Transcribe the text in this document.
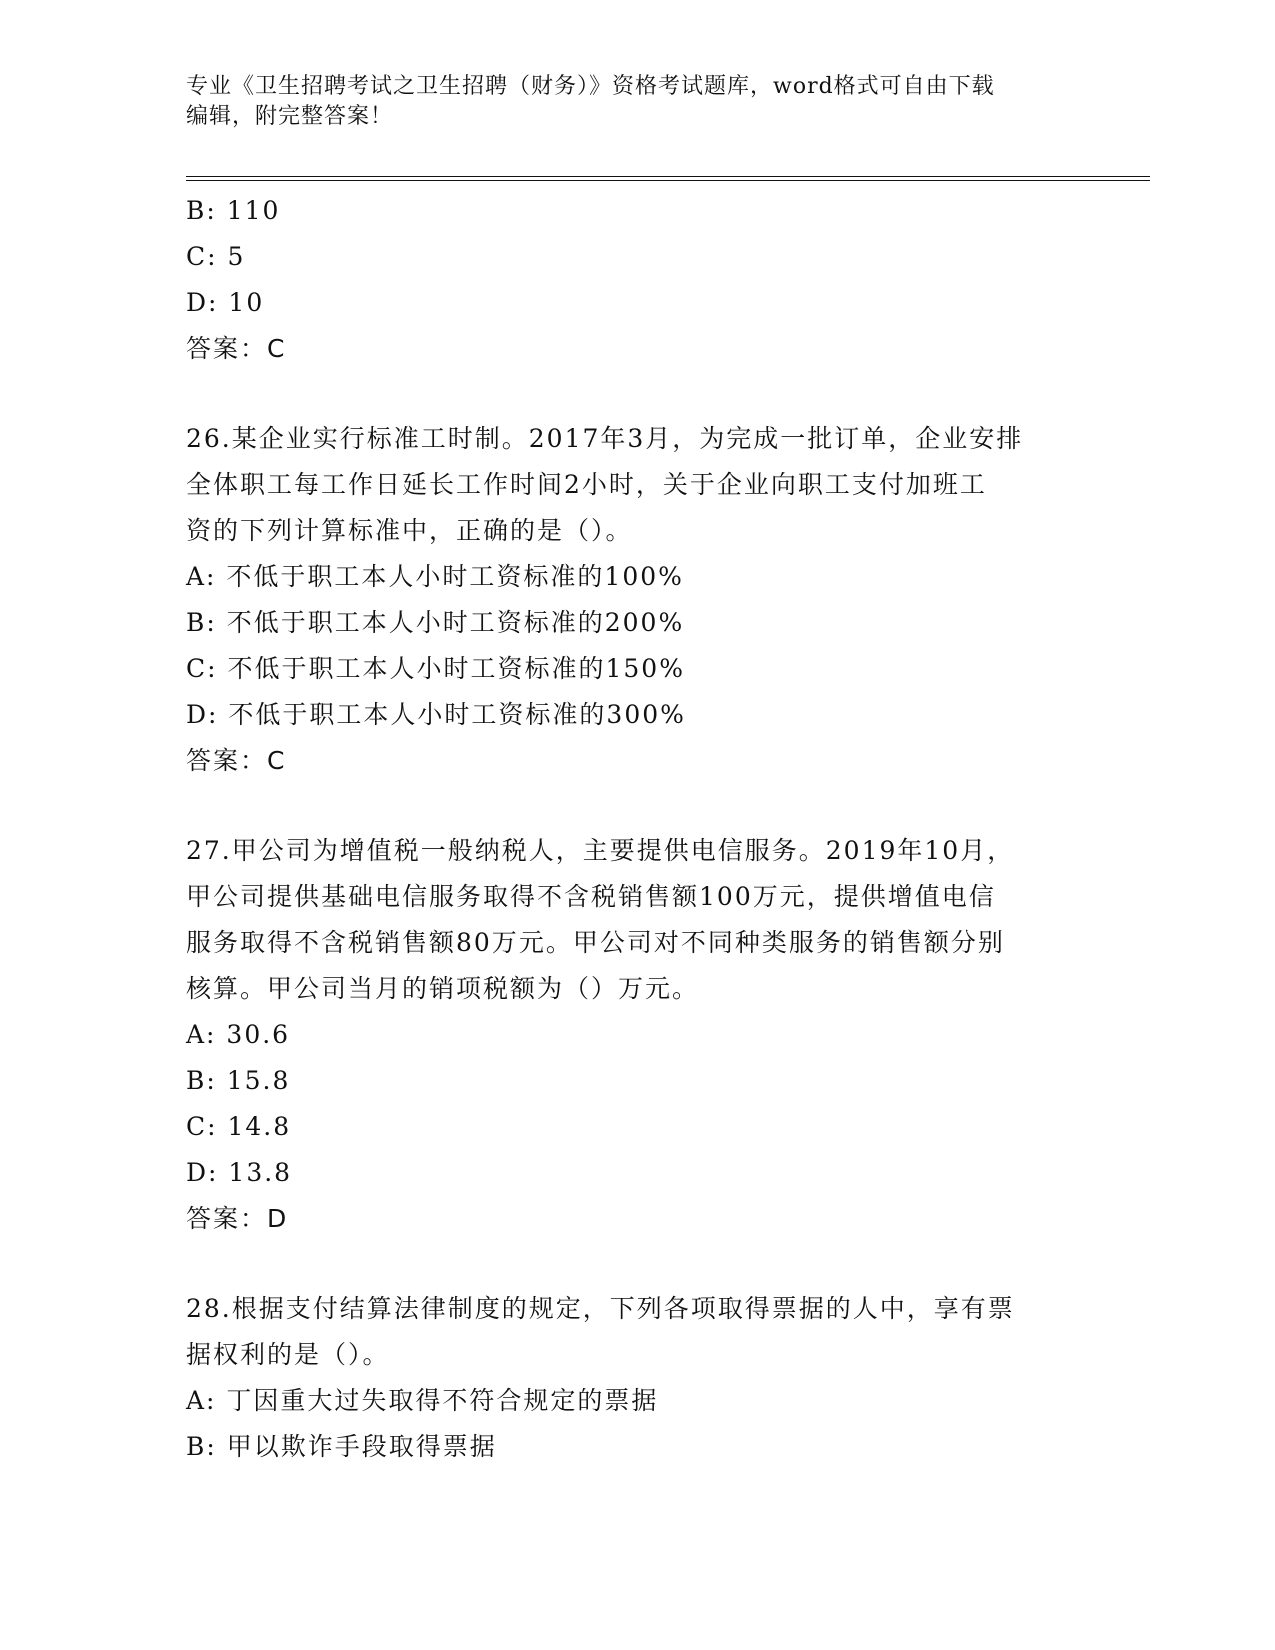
专业《卫生招聘考试之卫生招聘（财务）》资格考试题库，word格式可自由下载
编辑，附完整答案！
B: 110
C: 5
D: 10
答案：C
26.某企业实行标准工时制。2017年3月，为完成一批订单，企业安排
全体职工每工作日延长工作时间2小时，关于企业向职工支付加班工
资的下列计算标准中，正确的是（）。
A: 不低于职工本人小时工资标准的100%
B: 不低于职工本人小时工资标准的200%
C: 不低于职工本人小时工资标准的150%
D: 不低于职工本人小时工资标准的300%
答案：C
27.甲公司为增值税一般纳税人，主要提供电信服务。2019年10月，
甲公司提供基础电信服务取得不含税销售额100万元，提供增值电信
服务取得不含税销售额80万元。甲公司对不同种类服务的销售额分别
核算。甲公司当月的销项税额为（）万元。
A: 30.6
B: 15.8
C: 14.8
D: 13.8
答案：D
28.根据支付结算法律制度的规定，下列各项取得票据的人中，享有票
据权利的是（）。
A: 丁因重大过失取得不符合规定的票据
B: 甲以欺诈手段取得票据
